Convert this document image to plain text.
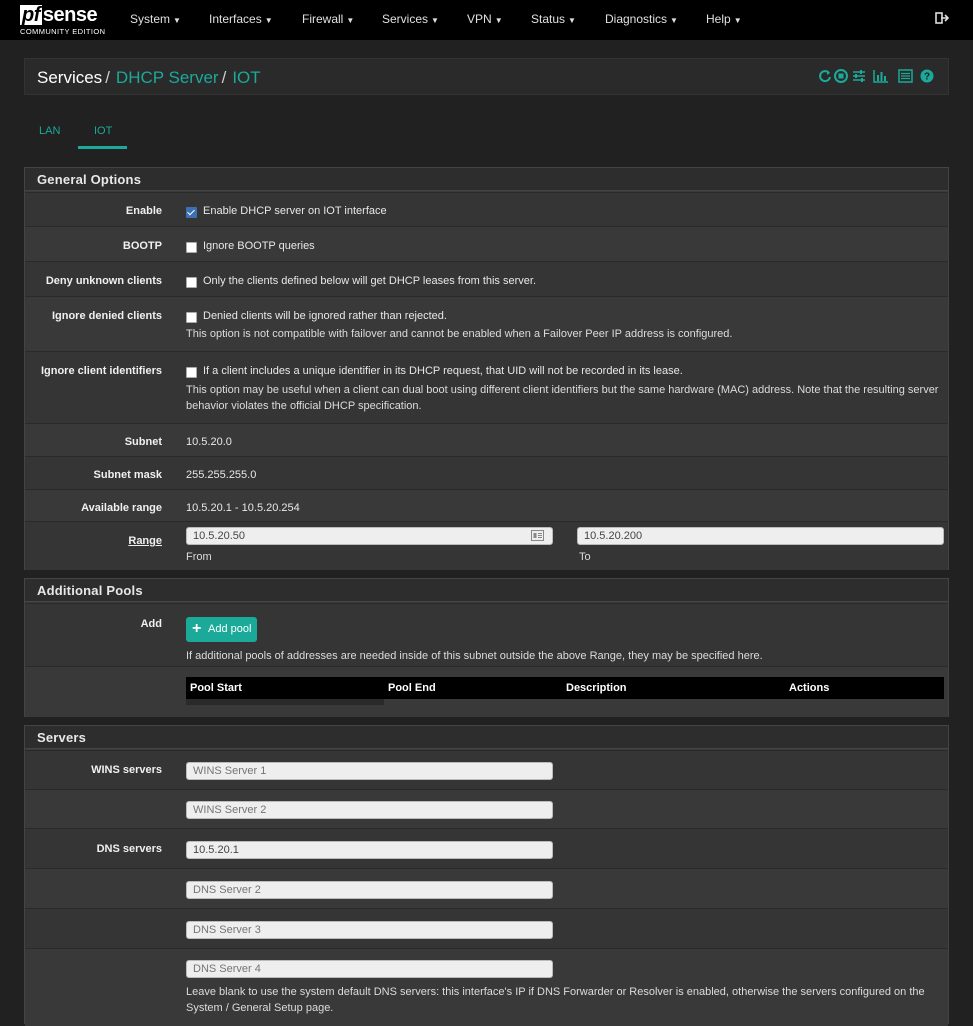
pf sense
COMMUNITY EDITION
System ▼ Interfaces ▼ Firewall ▼ Services ▼ VPN ▼ Status ▼ Diagnostics ▼ Help ▼
Services / DHCP Server / IOT	?
LAN	IOT
General Options
Enable	Enable DHCP server on IOT interface
BOOTP	Ignore BOOTP queries
Deny unknown clients	Only the clients defined below will get DHCP leases from this server.
Ignore denied clients	Denied clients will be ignored rather than rejected.
This option is not compatible with failover and cannot be enabled when a Failover Peer IP address is configured.
Ignore client identifiers	If a client includes a unique identifier in its DHCP request, that UID will not be recorded in its lease.
This option may be useful when a client can dual boot using different client identifiers but the same hardware (MAC) address. Note that the resulting server behavior violates the official DHCP specification.
Subnet 10.5.20.0
Subnet mask 255.255.255.0
Available range 10.5.20.1 - 10.5.20.254
Range	10.5.20.50
From
10.5.20.200
To
Additional Pools
Add + Add pool
If additional pools of addresses are needed inside of this subnet outside the above Range, they may be specified here.
Pool Start	Pool End	Description	Actions
Servers
WINS servers
WINS Server 1
WINS Server 2
DNS servers
10.5.20.1
DNS Server 2
DNS Server 3
DNS Server 4
Leave blank to use the system default DNS servers: this interface's IP if DNS Forwarder or Resolver is enabled, otherwise the servers configured on the System / General Setup page.
